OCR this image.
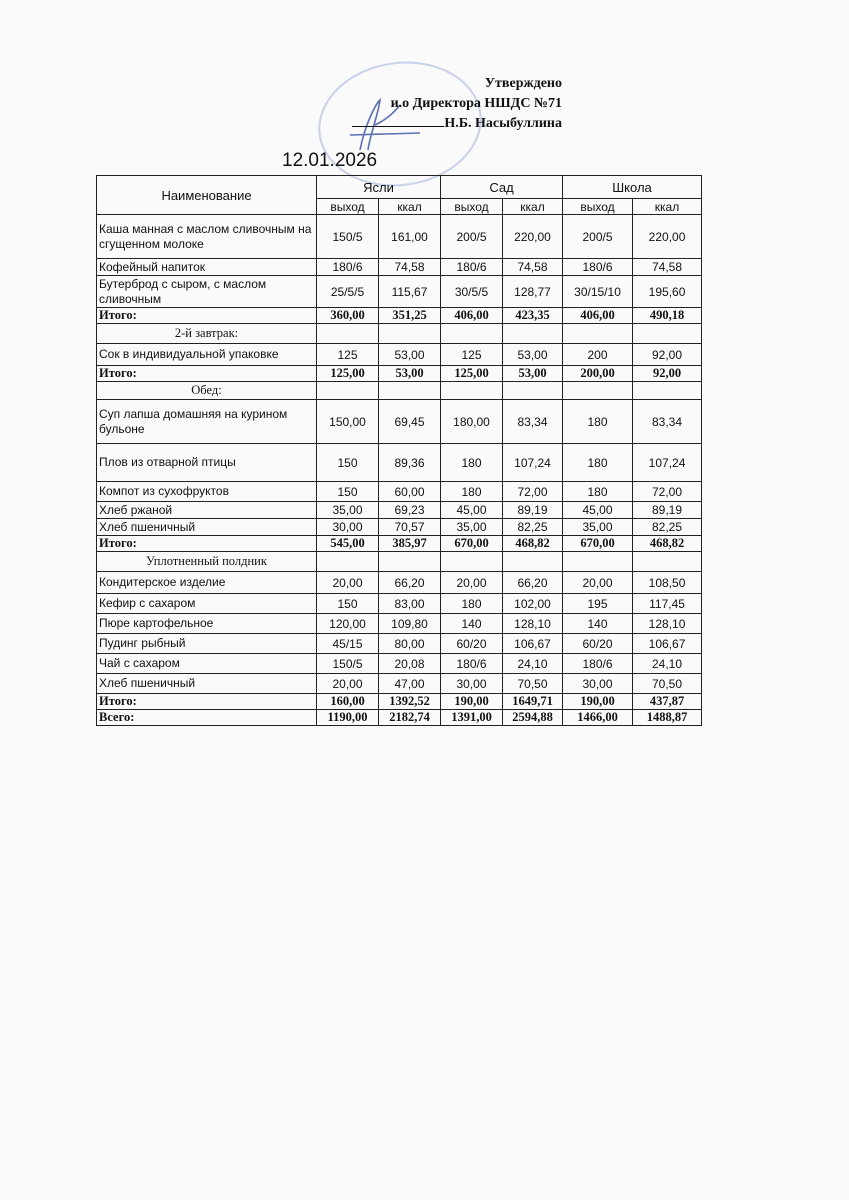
Утверждено
и.о Директора НШДС №71
Н.Б. Насыбуллина
12.01.2026
Наименование	Ясли		Сад		Школа	
	выход	ккал	выход	ккал	выход	ккал
Каша манная с маслом сливочным на сгущенном молоке	150/5	161,00	200/5	220,00	200/5	220,00
Кофейный напиток	180/6	74,58	180/6	74,58	180/6	74,58
Бутерброд с сыром, с маслом сливочным	25/5/5	115,67	30/5/5	128,77	30/15/10	195,60
Итого:	360,00	351,25	406,00	423,35	406,00	490,18
2-й завтрак:						
Сок в индивидуальной упаковке	125	53,00	125	53,00	200	92,00
Итого:	125,00	53,00	125,00	53,00	200,00	92,00
Обед:						
Суп лапша домашняя на курином бульоне	150,00	69,45	180,00	83,34	180	83,34
Плов из отварной птицы	150	89,36	180	107,24	180	107,24
Компот из сухофруктов	150	60,00	180	72,00	180	72,00
Хлеб ржаной	35,00	69,23	45,00	89,19	45,00	89,19
Хлеб пшеничный	30,00	70,57	35,00	82,25	35,00	82,25
Итого:	545,00	385,97	670,00	468,82	670,00	468,82
Уплотненный полдник						
Кондитерское изделие	20,00	66,20	20,00	66,20	20,00	108,50
Кефир с сахаром	150	83,00	180	102,00	195	117,45
Пюре картофельное	120,00	109,80	140	128,10	140	128,10
Пудинг рыбный	45/15	80,00	60/20	106,67	60/20	106,67
Чай с сахаром	150/5	20,08	180/6	24,10	180/6	24,10
Хлеб пшеничный	20,00	47,00	30,00	70,50	30,00	70,50
Итого:	160,00	1392,52	190,00	1649,71	190,00	437,87
Всего:	1190,00	2182,74	1391,00	2594,88	1466,00	1488,87
